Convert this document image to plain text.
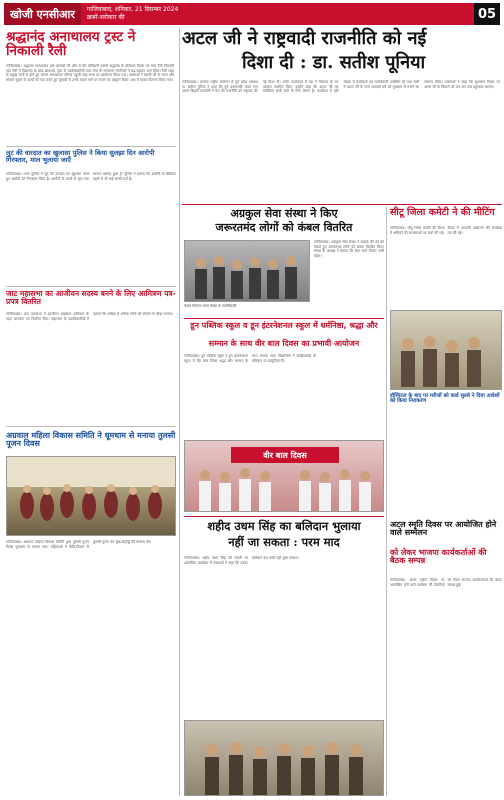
खोजी एनसीआर	गाजियाबाद, शनिवार, 21 दिसम्बर 2024
ख़बरें-सरोकार की	05
श्रद्धानंद अनाथालय ट्रस्ट ने निकाली रैली
गाजियाबाद। श्रद्धानंद अनाथालय ट्रस्ट बालकों की ओर से वीर बलिदानी स्वामी श्रद्धानंद के बलिदान दिवस पर भव्य रैली निकाली गई। रैली में विद्यालय के छात्र-छात्राओं, ट्रस्ट के पदाधिकारियों तथा नगर के गणमान्य नागरिकों ने बढ़-चढ़कर भाग लिया। रैली शहर के प्रमुख मार्गों से होते हुए वापस अनाथालय परिसर पहुंची जहां सभा का आयोजन किया गया। वक्ताओं ने स्वामी जी के त्याग और समाज सुधार के कार्यों को याद करते हुए युवाओं से उनके बताए मार्ग पर चलने का आह्वान किया। अंत में प्रसाद वितरण किया गया।
अटल जी ने राष्ट्रवादी राजनीति को नई
दिशा दी : डा. सतीश पूनिया
गाजियाबाद। भाजपा राष्ट्रीय सम्मेलन में पूर्व प्रदेश अध्यक्ष डा. सतीश पूनिया ने कहा कि पूर्व प्रधानमंत्री भारत रत्न अटल बिहारी वाजपेयी ने देश की राजनीति को राष्ट्रवाद की नई दिशा दी। उनके कार्यकाल में देश ने विकास के नए आयाम स्थापित किए। उन्होंने कहा कि अटल जी का व्यक्तित्व सभी दलों के लिए प्रेरणा है। कार्यक्रम में बड़ी संख्या में कार्यकर्ता एवं पदाधिकारी उपस्थित रहे तथा सभी ने अटल जी के जन्म शताब्दी वर्ष को धूमधाम से मनाने का संकल्प लिया। वक्ताओं ने कहा कि सुशासन दिवस पर अटल जी के विचारों को जन-जन तक पहुंचाया जाएगा।
लूट की वारदात का खुलासा पुलिस ने किया सुलझा दिन आरोपी गिरफ्तार, माल भुलाया जाएँ
गाजियाबाद। थाना पुलिस ने लूट की वारदात का खुलासा करते हुए आरोपी को गिरफ्तार किया है। आरोपी के कब्जे से लूटा गया सामान बरामद हुआ है। पुलिस ने बताया कि आरोपी के खिलाफ पहले से भी कई मामले दर्ज हैं।
जाट महासभा का आजीवन सदस्य बनने के लिए आमित्रण पत्र-प्रपत्र वितरित
गाजियाबाद। जाट महासभा ने आजीवन सदस्यता अभियान के तहत आमंत्रण पत्र वितरित किए। महासभा के पदाधिकारियों ने बताया कि अधिक से अधिक लोगों को संगठन से जोड़ा जाएगा।
अग्रवाल महिला विकास समिति ने धूमधाम से मनाया तुलसी पूजन दिवस
गाजियाबाद। अग्रवाल महिला विकास समिति द्वारा तुलसी पूजन दिवस धूमधाम से मनाया गया। महिलाओं ने विधि-विधान से तुलसी पूजन कर सुख-समृद्धि की कामना की।
अग्रकुल सेवा संस्था ने किए
जरूरतमंद लोगों को कंबल वितरित
कंबल वितरण करते संस्था के पदाधिकारी
गाजियाबाद। अग्रकुल सेवा संस्था ने कड़ाके की ठंड को देखते हुए जरूरतमंद लोगों को कंबल वितरित किए। संस्था के अध्यक्ष ने बताया कि सेवा कार्य निरंतर जारी रहेगा।
सीटू जिला कमेटी ने की मीटिंग
गाजियाबाद। सीटू जिला कमेटी की बैठक में श्रमिकों की समस्याओं पर चर्चा की गई। बैठक में आगामी आंदोलन की रूपरेखा तय की गई।
हॉस्पिटल के बाद पर मरीजों को कार्ड सुल्ले ने दिया आदेशों को किया निराकरण
डून पब्लिक स्कूल व डून इंटरनेशनल स्कूल में धर्मनिष्ठा, श्रद्धा और
सम्मान के साथ वीर बाल दिवस का प्रभावी आयोजन
गाजियाबाद। डून पब्लिक स्कूल व डून इंटरनेशनल स्कूल में वीर बाल दिवस श्रद्धा और सम्मान के साथ मनाया गया। विद्यार्थियों ने साहिबजादों के बलिदान पर प्रस्तुतियां दीं।
वीर बाल दिवस
शहीद उधम सिंह का बलिदान भुलाया
नहीं जा सकता : परम माद
गाजियाबाद। शहीद उधम सिंह की जयंती पर आयोजित कार्यक्रम में वक्ताओं ने कहा कि उनका बलिदान देश कभी नहीं भुला सकता।
अटल स्मृति दिवस पर आयोजित होने वाले सम्मेलन
को लेकर भाजपा कार्यकर्ताओं की बैठक सम्पन्न
गाजियाबाद। अटल स्मृति दिवस पर आयोजित होने वाले सम्मेलन की तैयारियों को लेकर भाजपा कार्यकर्ताओं की बैठक सम्पन्न हुई।
